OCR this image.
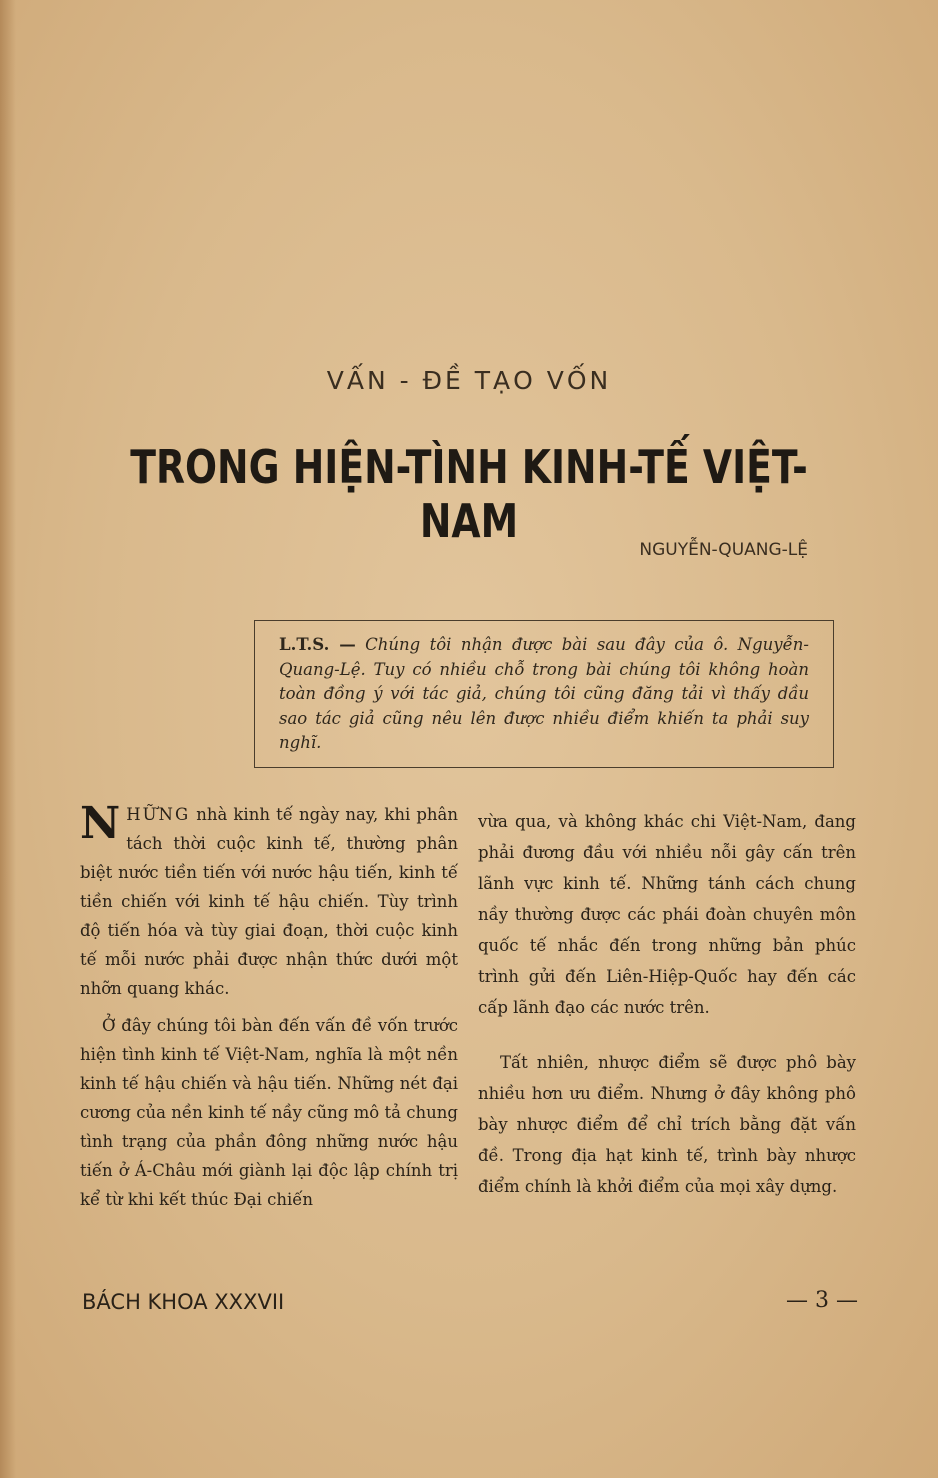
VẤN - ĐỀ TẠO VỐN
TRONG HIỆN-TÌNH KINH-TẾ VIỆT-NAM
NGUYỄN-QUANG-LỆ
L.T.S. — Chúng tôi nhận được bài sau đây của ô. Nguyễn-Quang-Lệ. Tuy có nhiều chỗ trong bài chúng tôi không hoàn toàn đồng ý với tác giả, chúng tôi cũng đăng tải vì thấy dầu sao tác giả cũng nêu lên được nhiều điểm khiến ta phải suy nghĩ.

NHỮNG nhà kinh tế ngày nay, khi phân tách thời cuộc kinh tế, thường phân biệt nước tiền tiến với nước hậu tiến, kinh tế tiền chiến với kinh tế hậu chiến. Tùy trình độ tiến hóa và tùy giai đoạn, thời cuộc kinh tế mỗi nước phải được nhận thức dưới một nhỡn quang khác.

Ở đây chúng tôi bàn đến vấn đề vốn trước hiện tình kinh tế Việt-Nam, nghĩa là một nền kinh tế hậu chiến và hậu tiến. Những nét đại cương của nền kinh tế nầy cũng mô tả chung tình trạng của phần đông những nước hậu tiến ở Á-Châu mới giành lại độc lập chính trị kể từ khi kết thúc Đại chiến

vừa qua, và không khác chi Việt-Nam, đang phải đương đầu với nhiều nỗi gây cấn trên lãnh vực kinh tế. Những tánh cách chung nầy thường được các phái đoàn chuyên môn quốc tế nhắc đến trong những bản phúc trình gửi đến Liên-Hiệp-Quốc hay đến các cấp lãnh đạo các nước trên.

Tất nhiên, nhược điểm sẽ được phô bày nhiều hơn ưu điểm. Nhưng ở đây không phô bày nhược điểm để chỉ trích bằng đặt vấn đề. Trong địa hạt kinh tế, trình bày nhược điểm chính là khởi điểm của mọi xây dựng.

BÁCH KHOA XXXVII	— 3 —
